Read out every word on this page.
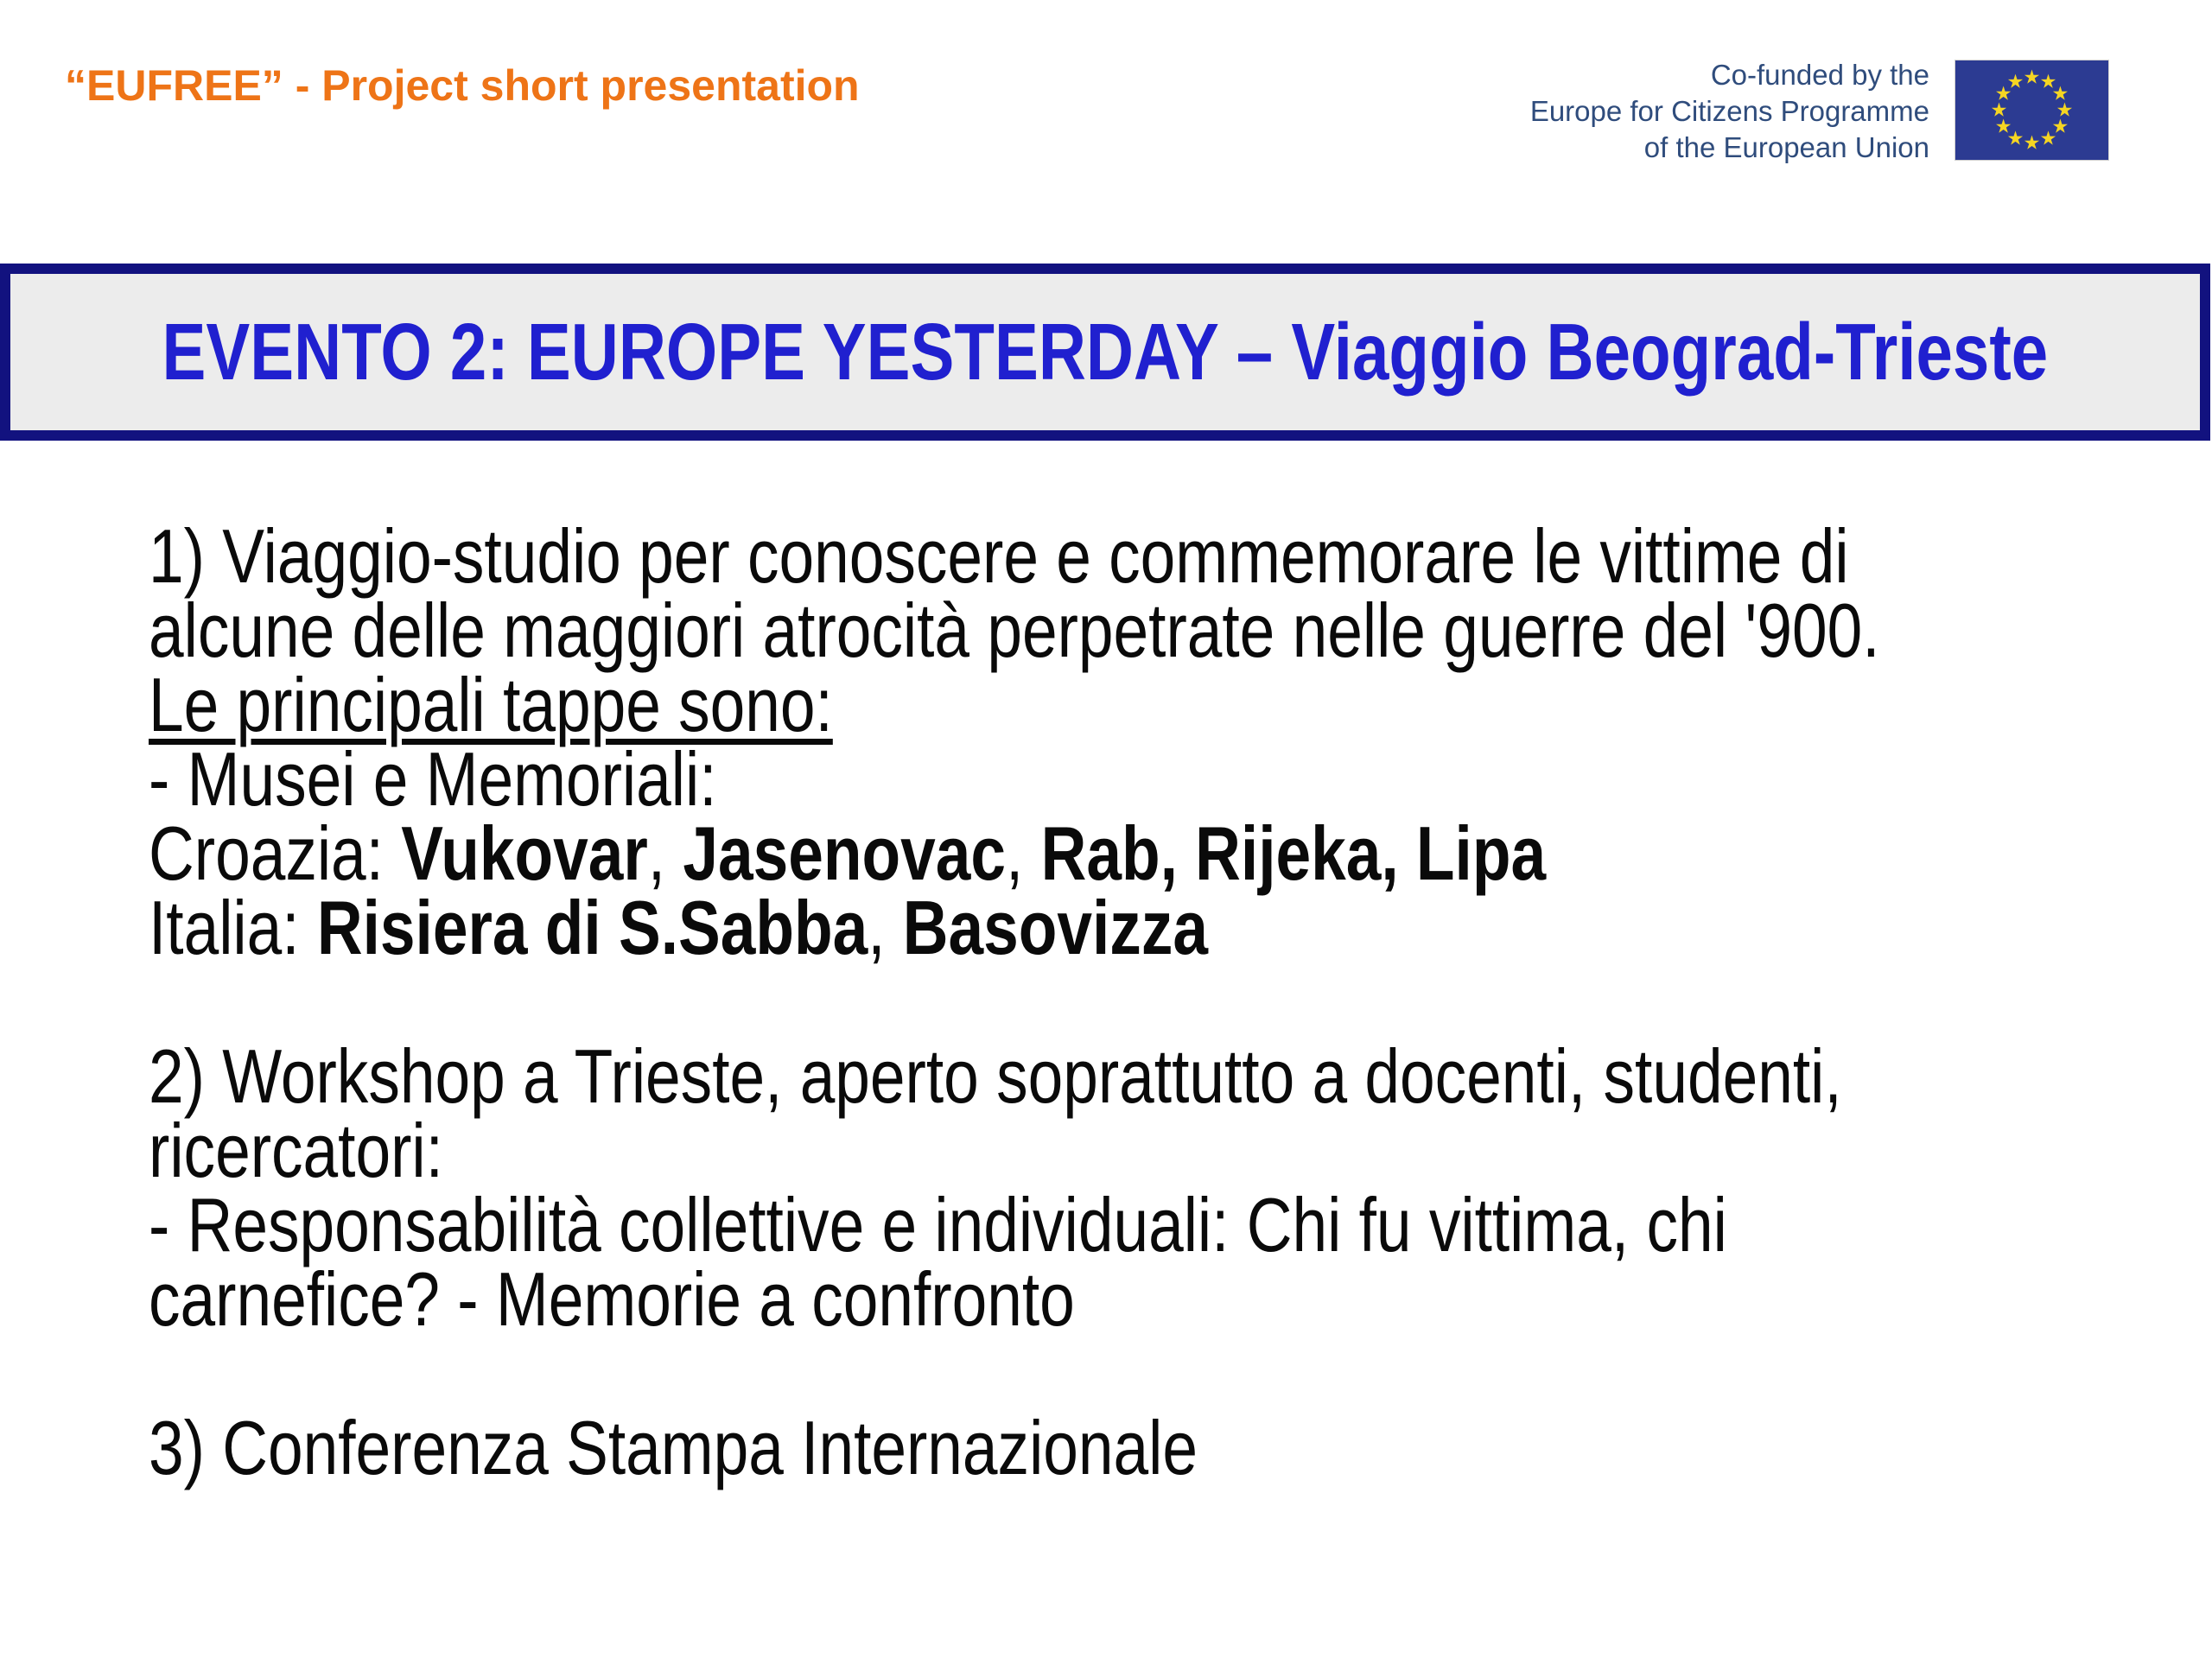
“EUFREE” - Project short presentation	Co-funded by the
Europe for Citizens Programme
of the European Union
EVENTO 2: EUROPE YESTERDAY – Viaggio Beograd-Trieste
1) Viaggio-studio per conoscere e commemorare le vittime di
alcune delle maggiori atrocità perpetrate nelle guerre del '900.
Le principali tappe sono:
- Musei e Memoriali:
Croazia: Vukovar, Jasenovac, Rab, Rijeka, Lipa
Italia: Risiera di S.Sabba, Basovizza

2) Workshop a Trieste, aperto soprattutto a docenti, studenti,
ricercatori:
- Responsabilità collettive e individuali: Chi fu vittima, chi
carnefice? - Memorie a confronto

3) Conferenza Stampa Internazionale
